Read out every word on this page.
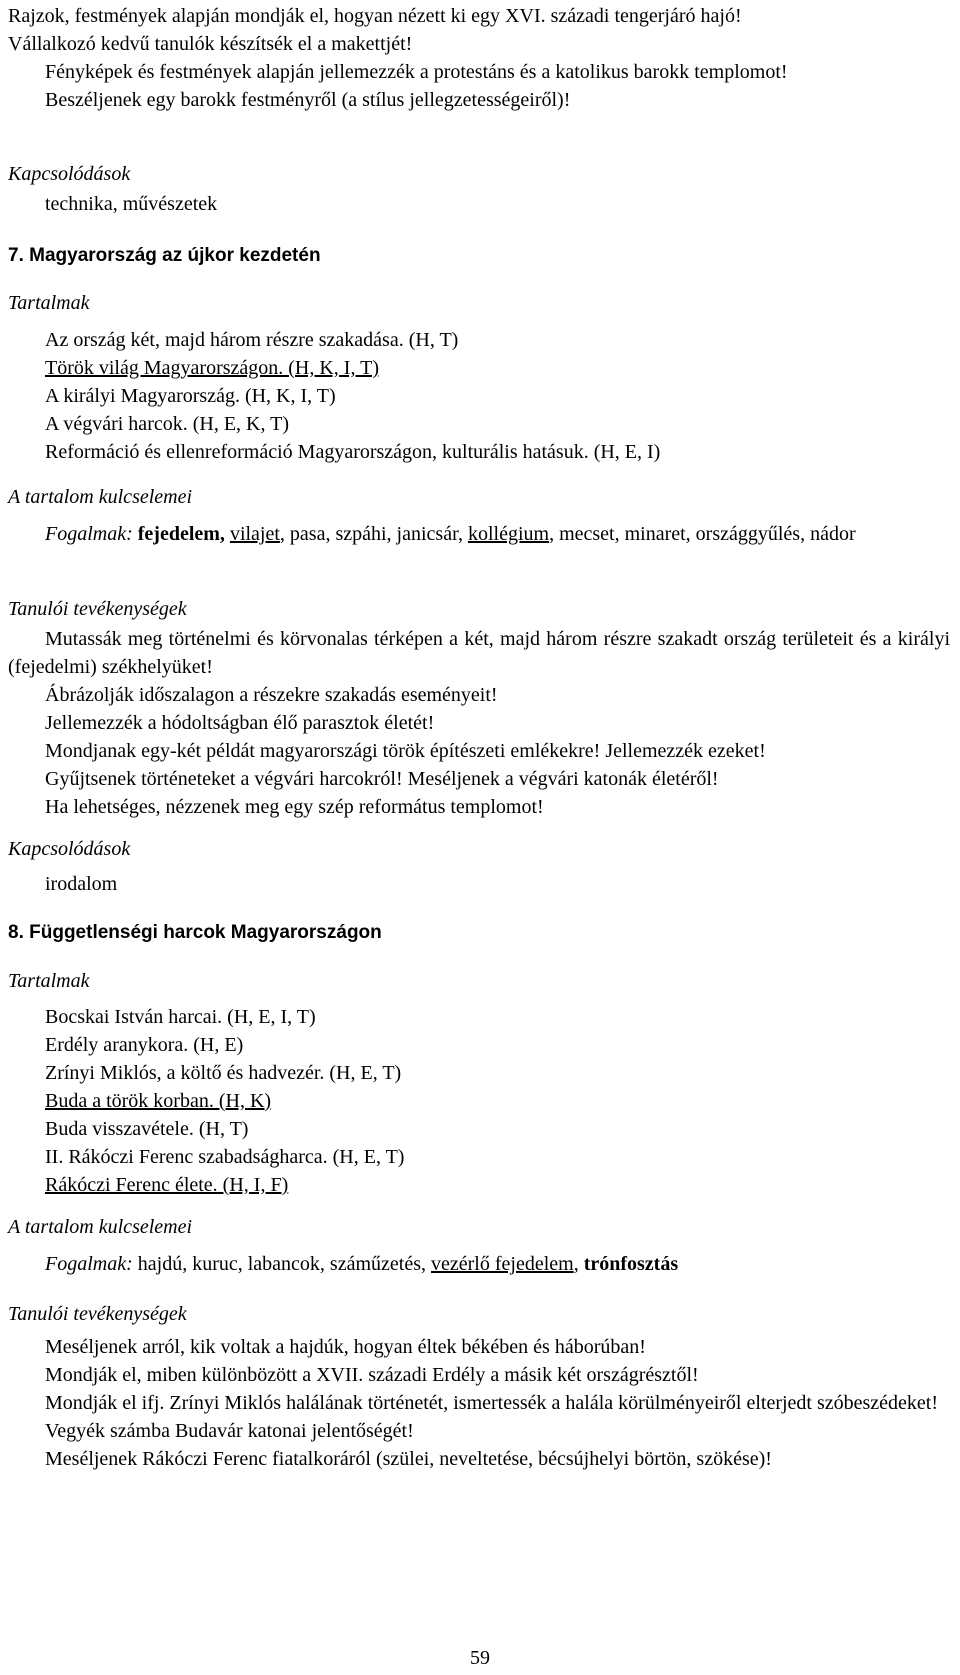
Rajzok, festmények alapján mondják el, hogyan nézett ki egy XVI. századi tengerjáró hajó!

Vállalkozó kedvű tanulók készítsék el a makettjét!

Fényképek és festmények alapján jellemezzék a protestáns és a katolikus barokk templomot!

Beszéljenek egy barokk festményről (a stílus jellegzetességeiről)!

Kapcsolódások

technika, művészetek

7. Magyarország az újkor kezdetén

Tartalmak

Az ország két, majd három részre szakadása. (H, T)

Török világ Magyarországon. (H, K, I, T)

A királyi Magyarország. (H, K, I, T)

A végvári harcok. (H, E, K, T)

Reformáció és ellenreformáció Magyarországon, kulturális hatásuk. (H, E, I)

A tartalom kulcselemei

Fogalmak: fejedelem, vilajet, pasa, szpáhi, janicsár, kollégium, mecset, minaret, országgyűlés, nádor

Tanulói tevékenységek

Mutassák meg történelmi és körvonalas térképen a két, majd három részre szakadt ország területeit és a királyi (fejedelmi) székhelyüket!

Ábrázolják időszalagon a részekre szakadás eseményeit!

Jellemezzék a hódoltságban élő parasztok életét!

Mondjanak egy-két példát magyarországi török építészeti emlékekre! Jellemezzék ezeket!

Gyűjtsenek történeteket a végvári harcokról! Meséljenek a végvári katonák életéről!

Ha lehetséges, nézzenek meg egy szép református templomot!

Kapcsolódások

irodalom

8. Függetlenségi harcok Magyarországon

Tartalmak

Bocskai István harcai. (H, E, I, T)

Erdély aranykora. (H, E)

Zrínyi Miklós, a költő és hadvezér. (H, E, T)

Buda a török korban. (H, K)

Buda visszavétele. (H, T)

II. Rákóczi Ferenc szabadságharca. (H, E, T)

Rákóczi Ferenc élete. (H, I, F)

A tartalom kulcselemei

Fogalmak: hajdú, kuruc, labancok, száműzetés, vezérlő fejedelem, trónfosztás

Tanulói tevékenységek

Meséljenek arról, kik voltak a hajdúk, hogyan éltek békében és háborúban!

Mondják el, miben különbözött a XVII. századi Erdély a másik két országrésztől!

Mondják el ifj. Zrínyi Miklós halálának történetét, ismertessék a halála körülményeiről elterjedt szóbeszédeket!

Vegyék számba Budavár katonai jelentőségét!

Meséljenek Rákóczi Ferenc fiatalkoráról (szülei, neveltetése, bécsújhelyi börtön, szökése)!

59
